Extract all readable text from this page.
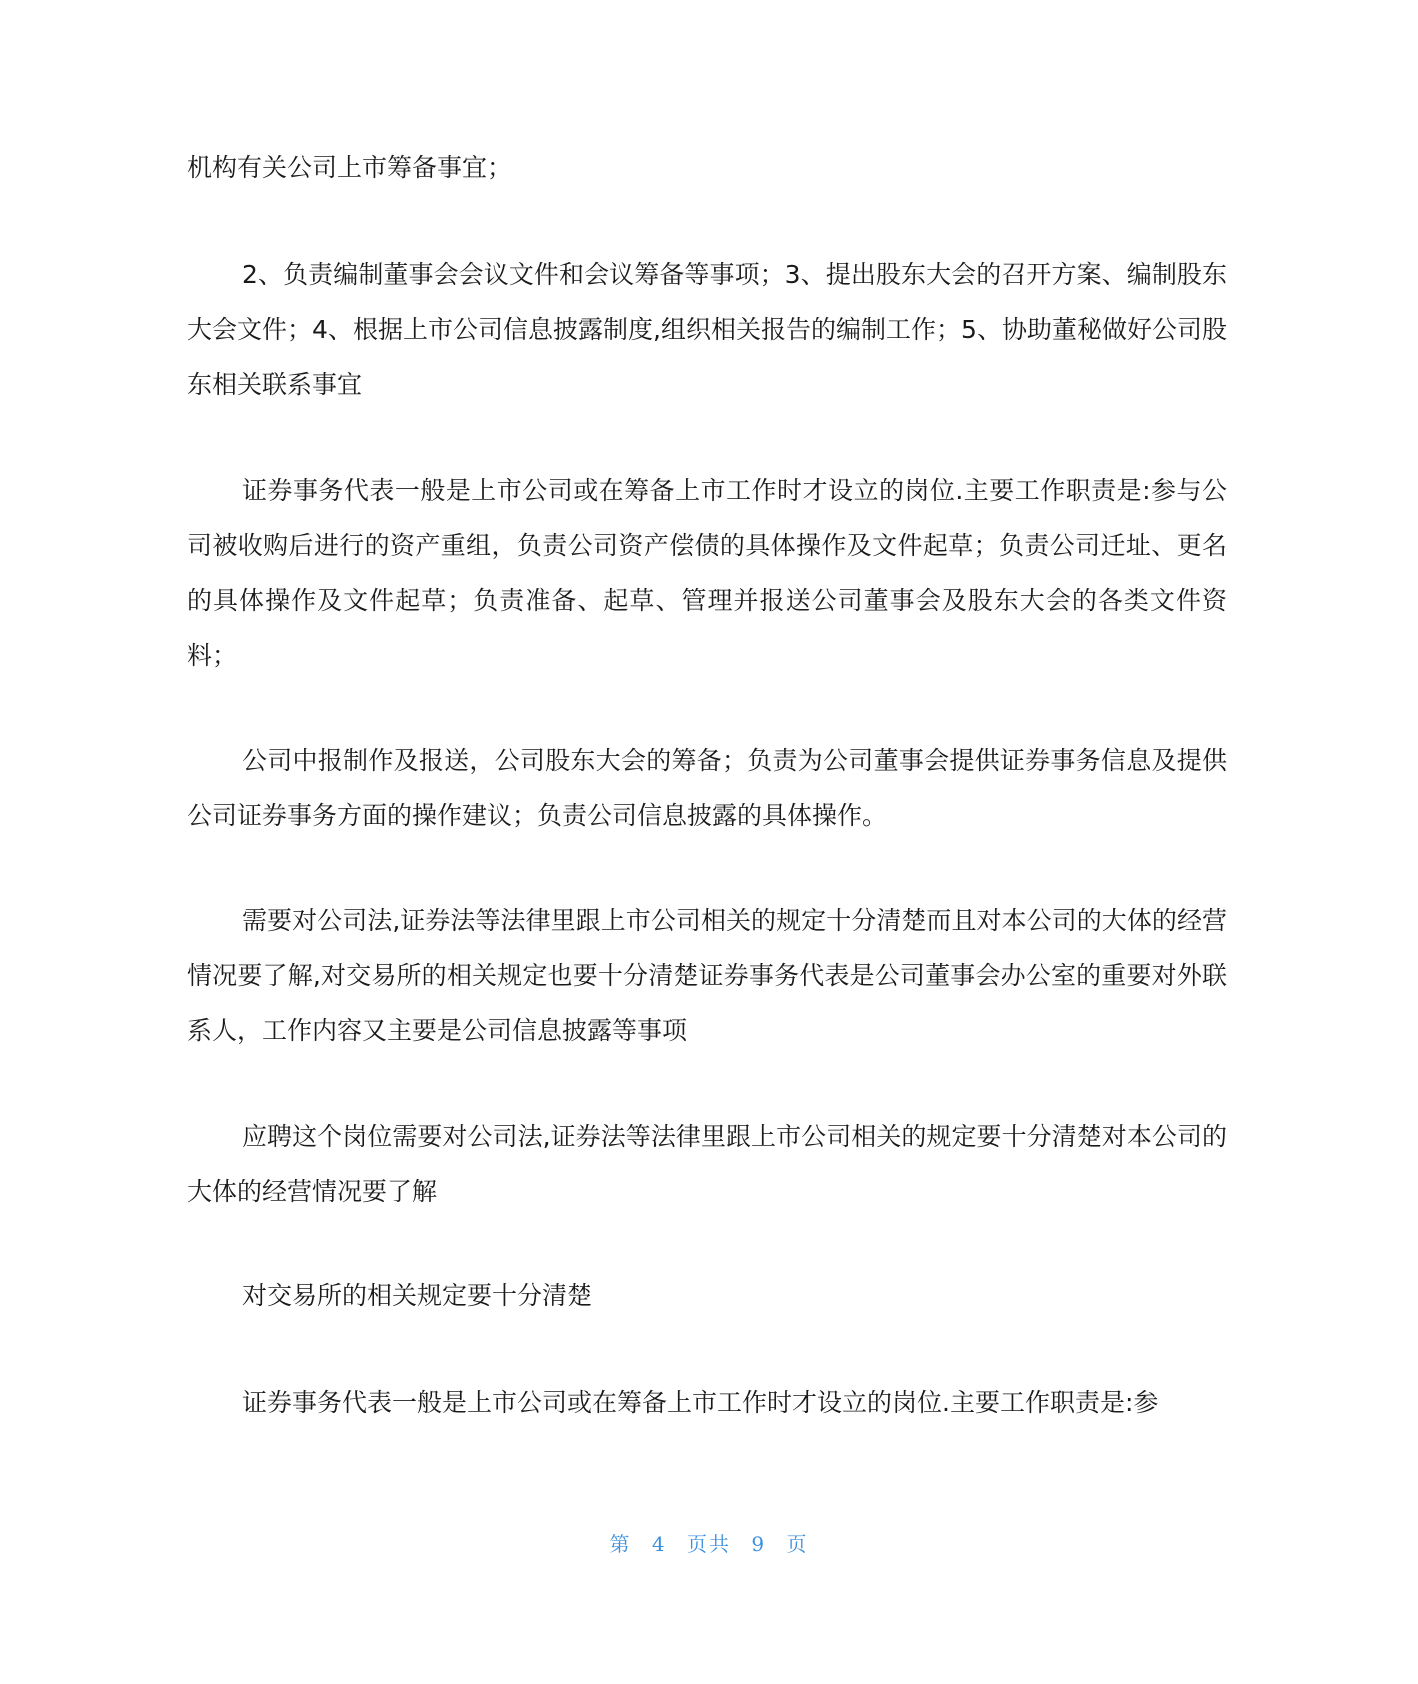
机构有关公司上市筹备事宜；

2、负责编制董事会会议文件和会议筹备等事项；3、提出股东大会的召开方案、编制股东大会文件；4、根据上市公司信息披露制度,组织相关报告的编制工作；5、协助董秘做好公司股东相关联系事宜

证券事务代表一般是上市公司或在筹备上市工作时才设立的岗位.主要工作职责是:参与公司被收购后进行的资产重组，负责公司资产偿债的具体操作及文件起草；负责公司迁址、更名的具体操作及文件起草；负责准备、起草、管理并报送公司董事会及股东大会的各类文件资料；

公司中报制作及报送，公司股东大会的筹备；负责为公司董事会提供证券事务信息及提供公司证券事务方面的操作建议；负责公司信息披露的具体操作。

需要对公司法,证券法等法律里跟上市公司相关的规定十分清楚而且对本公司的大体的经营情况要了解,对交易所的相关规定也要十分清楚证券事务代表是公司董事会办公室的重要对外联系人，工作内容又主要是公司信息披露等事项

应聘这个岗位需要对公司法,证券法等法律里跟上市公司相关的规定要十分清楚对本公司的大体的经营情况要了解

对交易所的相关规定要十分清楚

证券事务代表一般是上市公司或在筹备上市工作时才设立的岗位.主要工作职责是:参

第 4 页共 9 页
